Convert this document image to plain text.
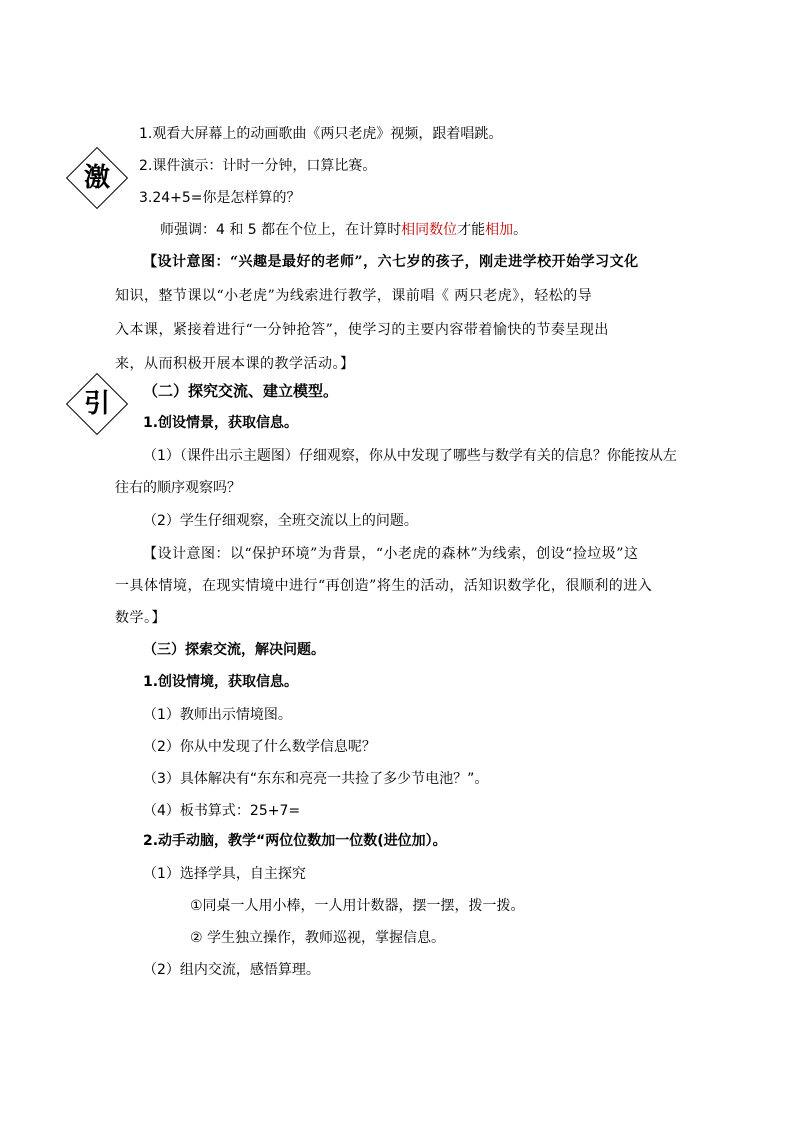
激
引
1.观看大屏幕上的动画歌曲《两只老虎》视频，跟着唱跳。
2.课件演示：计时一分钟，口算比赛。
3.24+5=你是怎样算的？
师强调：4 和 5 都在个位上，在计算时相同数位才能相加。
【设计意图：“兴趣是最好的老师”，六七岁的孩子，刚走进学校开始学习文化
知识，整节课以“小老虎”为线索进行教学，课前唱《 两只老虎》，轻松的导
入本课，紧接着进行“一分钟抢答”，使学习的主要内容带着愉快的节奏呈现出
来，从而积极开展本课的教学活动。】
（二）探究交流、建立模型。
1.创设情景，获取信息。
（1）（课件出示主题图）仔细观察，你从中发现了哪些与数学有关的信息？你能按从左
往右的顺序观察吗？
（2）学生仔细观察，全班交流以上的问题。
【设计意图：以“保护环境”为背景，“小老虎的森林”为线索，创设“捡垃圾”这
一具体情境，在现实情境中进行“再创造”将生的活动，活知识数学化，很顺利的进入
数学。】
（三）探索交流，解决问题。
1.创设情境，获取信息。
（1）教师出示情境图。
（2）你从中发现了什么数学信息呢？
（3）具体解决有“东东和亮亮一共捡了多少节电池？”。
（4）板书算式：25+7=
2.动手动脑，教学“两位位数加一位数(进位加）。
（1）选择学具，自主探究
①同桌一人用小棒，一人用计数器，摆一摆，拨一拨。
② 学生独立操作，教师巡视，掌握信息。
（2）组内交流，感悟算理。
